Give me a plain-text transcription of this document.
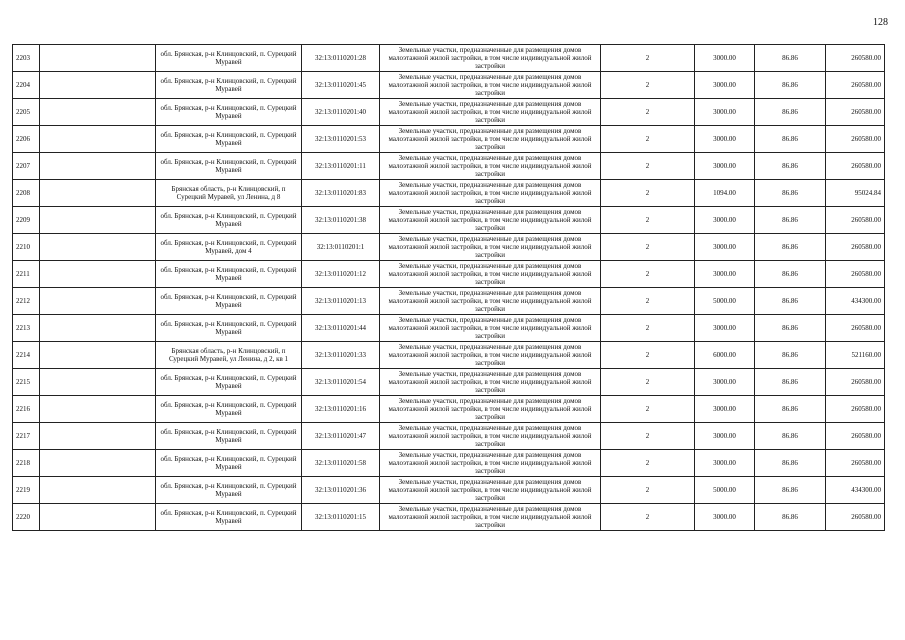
128
2203		обл. Брянская, р-н Клинцовский, п. Сурецкий Муравей	32:13:0110201:28	Земельные участки, предназначенные для размещения домов малоэтажной жилой застройки, в том числе индивидуальной жилой застройки	2	3000.00	86.86	260580.00
2204		обл. Брянская, р-н Клинцовский, п. Сурецкий Муравей	32:13:0110201:45	Земельные участки, предназначенные для размещения домов малоэтажной жилой застройки, в том числе индивидуальной жилой застройки	2	3000.00	86.86	260580.00
2205		обл. Брянская, р-н Клинцовский, п. Сурецкий Муравей	32:13:0110201:40	Земельные участки, предназначенные для размещения домов малоэтажной жилой застройки, в том числе индивидуальной жилой застройки	2	3000.00	86.86	260580.00
2206		обл. Брянская, р-н Клинцовский, п. Сурецкий Муравей	32:13:0110201:53	Земельные участки, предназначенные для размещения домов малоэтажной жилой застройки, в том числе индивидуальной жилой застройки	2	3000.00	86.86	260580.00
2207		обл. Брянская, р-н Клинцовский, п. Сурецкий Муравей	32:13:0110201:11	Земельные участки, предназначенные для размещения домов малоэтажной жилой застройки, в том числе индивидуальной жилой застройки	2	3000.00	86.86	260580.00
2208		Брянская область, р-н Клинцовский, п Сурецкий Муравей, ул Ленина, д 8	32:13:0110201:83	Земельные участки, предназначенные для размещения домов малоэтажной жилой застройки, в том числе индивидуальной жилой застройки	2	1094.00	86.86	95024.84
2209		обл. Брянская, р-н Клинцовский, п. Сурецкий Муравей	32:13:0110201:38	Земельные участки, предназначенные для размещения домов малоэтажной жилой застройки, в том числе индивидуальной жилой застройки	2	3000.00	86.86	260580.00
2210		обл. Брянская, р-н Клинцовский, п. Сурецкий Муравей, дом 4	32:13:0110201:1	Земельные участки, предназначенные для размещения домов малоэтажной жилой застройки, в том числе индивидуальной жилой застройки	2	3000.00	86.86	260580.00
2211		обл. Брянская, р-н Клинцовский, п. Сурецкий Муравей	32:13:0110201:12	Земельные участки, предназначенные для размещения домов малоэтажной жилой застройки, в том числе индивидуальной жилой застройки	2	3000.00	86.86	260580.00
2212		обл. Брянская, р-н Клинцовский, п. Сурецкий Муравей	32:13:0110201:13	Земельные участки, предназначенные для размещения домов малоэтажной жилой застройки, в том числе индивидуальной жилой застройки	2	5000.00	86.86	434300.00
2213		обл. Брянская, р-н Клинцовский, п. Сурецкий Муравей	32:13:0110201:44	Земельные участки, предназначенные для размещения домов малоэтажной жилой застройки, в том числе индивидуальной жилой застройки	2	3000.00	86.86	260580.00
2214		Брянская область, р-н Клинцовский, п Сурецкий Муравей, ул Ленина, д 2, кв 1	32:13:0110201:33	Земельные участки, предназначенные для размещения домов малоэтажной жилой застройки, в том числе индивидуальной жилой застройки	2	6000.00	86.86	521160.00
2215		обл. Брянская, р-н Клинцовский, п. Сурецкий Муравей	32:13:0110201:54	Земельные участки, предназначенные для размещения домов малоэтажной жилой застройки, в том числе индивидуальной жилой застройки	2	3000.00	86.86	260580.00
2216		обл. Брянская, р-н Клинцовский, п. Сурецкий Муравей	32:13:0110201:16	Земельные участки, предназначенные для размещения домов малоэтажной жилой застройки, в том числе индивидуальной жилой застройки	2	3000.00	86.86	260580.00
2217		обл. Брянская, р-н Клинцовский, п. Сурецкий Муравей	32:13:0110201:47	Земельные участки, предназначенные для размещения домов малоэтажной жилой застройки, в том числе индивидуальной жилой застройки	2	3000.00	86.86	260580.00
2218		обл. Брянская, р-н Клинцовский, п. Сурецкий Муравей	32:13:0110201:58	Земельные участки, предназначенные для размещения домов малоэтажной жилой застройки, в том числе индивидуальной жилой застройки	2	3000.00	86.86	260580.00
2219		обл. Брянская, р-н Клинцовский, п. Сурецкий Муравей	32:13:0110201:36	Земельные участки, предназначенные для размещения домов малоэтажной жилой застройки, в том числе индивидуальной жилой застройки	2	5000.00	86.86	434300.00
2220		обл. Брянская, р-н Клинцовский, п. Сурецкий Муравей	32:13:0110201:15	Земельные участки, предназначенные для размещения домов малоэтажной жилой застройки, в том числе индивидуальной жилой застройки	2	3000.00	86.86	260580.00
